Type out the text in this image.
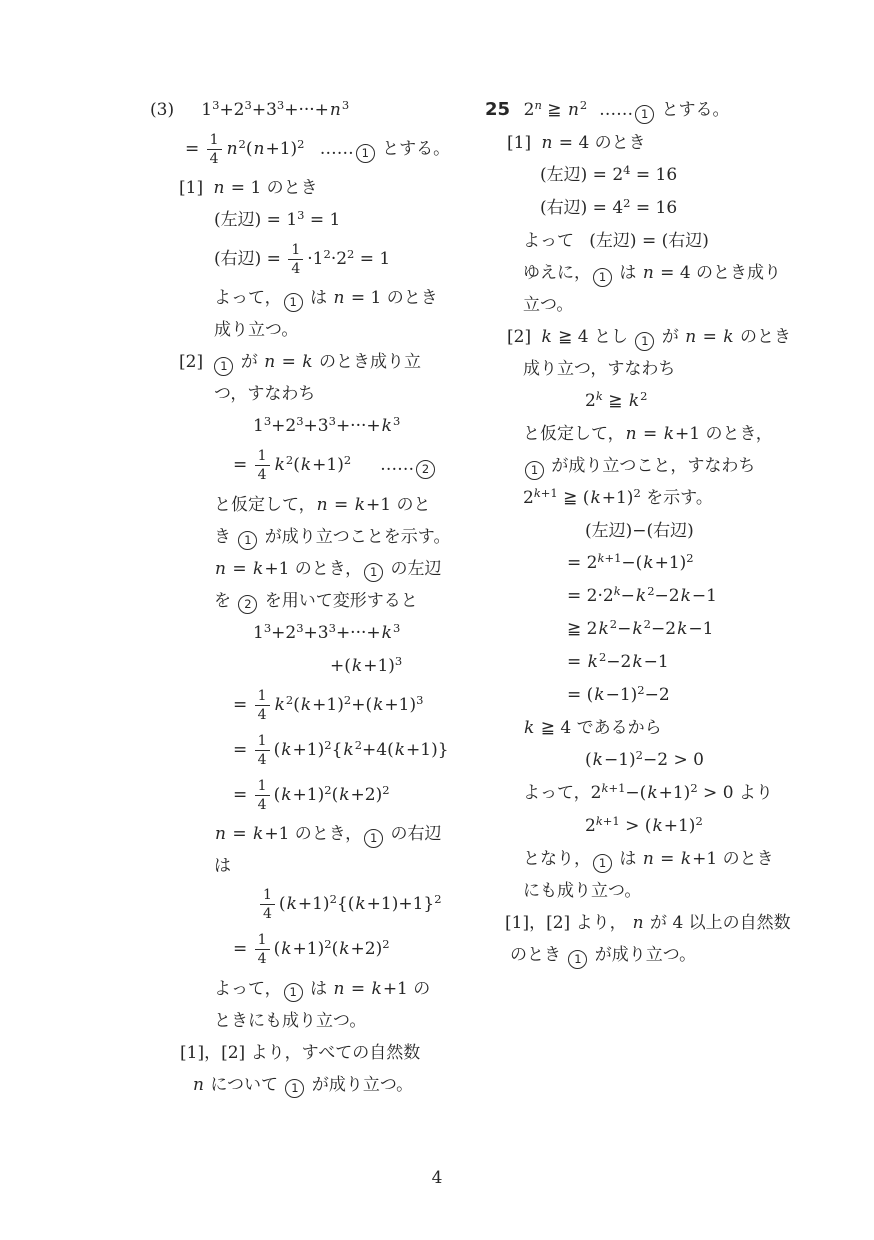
(3) $1^3+2^3+3^3+\cdot\cdot\cdot+n^3$
= $\frac{1}{4} n^2(n+1)^2$ …… 1 とする。
[1] n = 1 のとき
(左辺) = $1^3 = 1$
(右辺) = $\frac{1}{4} \cdot 1^2\cdot 2^2 = 1$
よって， 1 は n = 1 のとき
成り立つ。
[2] 1 が n = k のとき成り立
つ，すなわち
$1^3+2^3+3^3+\cdot\cdot\cdot+k^3$
= $\frac{1}{4} k^2(k+1)^2$ …… 2
と仮定して，n = k+1 のと
き 1 が成り立つことを示す。
n = k+1 のとき， 1 の左辺
を 2 を用いて変形すると
$1^3+2^3+3^3+\cdot\cdot\cdot+k^3$
$+(k+1)^3$
= $\frac{1}{4} k^2(k+1)^2+(k+1)^3$
= $\frac{1}{4} (k+1)^2\{k^2+4(k+1)\}$
= $\frac{1}{4} (k+1)^2(k+2)^2$
n = k+1 のとき， 1 の右辺
は
$\frac{1}{4} (k+1)^2\{(k+1)+1\}^2$
= $\frac{1}{4} (k+1)^2(k+2)^2$
よって， 1 は n = k+1 の
ときにも成り立つ。
[1]，[2] より，すべての自然数
n について 1 が成り立つ。
25 2$^n$ ≧ $n^2$ …… 1 とする。
[1] n = 4 のとき
(左辺) = $2^4 = 16$
(右辺) = $4^2 = 16$
よって (左辺) = (右辺)
ゆえに， 1 は n = 4 のとき成り
立つ。
[2] k ≧ 4 とし 1 が n = k のとき
成り立つ，すなわち
2$^k$ ≧ $k^2$
と仮定して，n = k+1 のとき，
1 が成り立つこと，すなわち
$2^{k+1}$ ≧ $(k+1)^2$ を示す。
(左辺)−(右辺)
= $2^{k+1}-(k+1)^2$
= $2\cdot 2^k-k^2-2k-1$
≧ $2k^2-k^2-2k-1$
= $k^2-2k-1$
= $(k-1)^2-2$
k ≧ 4 であるから
$(k-1)^2-2 > 0$
よって，$2^{k+1}-(k+1)^2 > 0$ より
$2^{k+1} > (k+1)^2$
となり， 1 は n = k+1 のとき
にも成り立つ。
[1]，[2] より， n が 4 以上の自然数
のとき 1 が成り立つ。
4
